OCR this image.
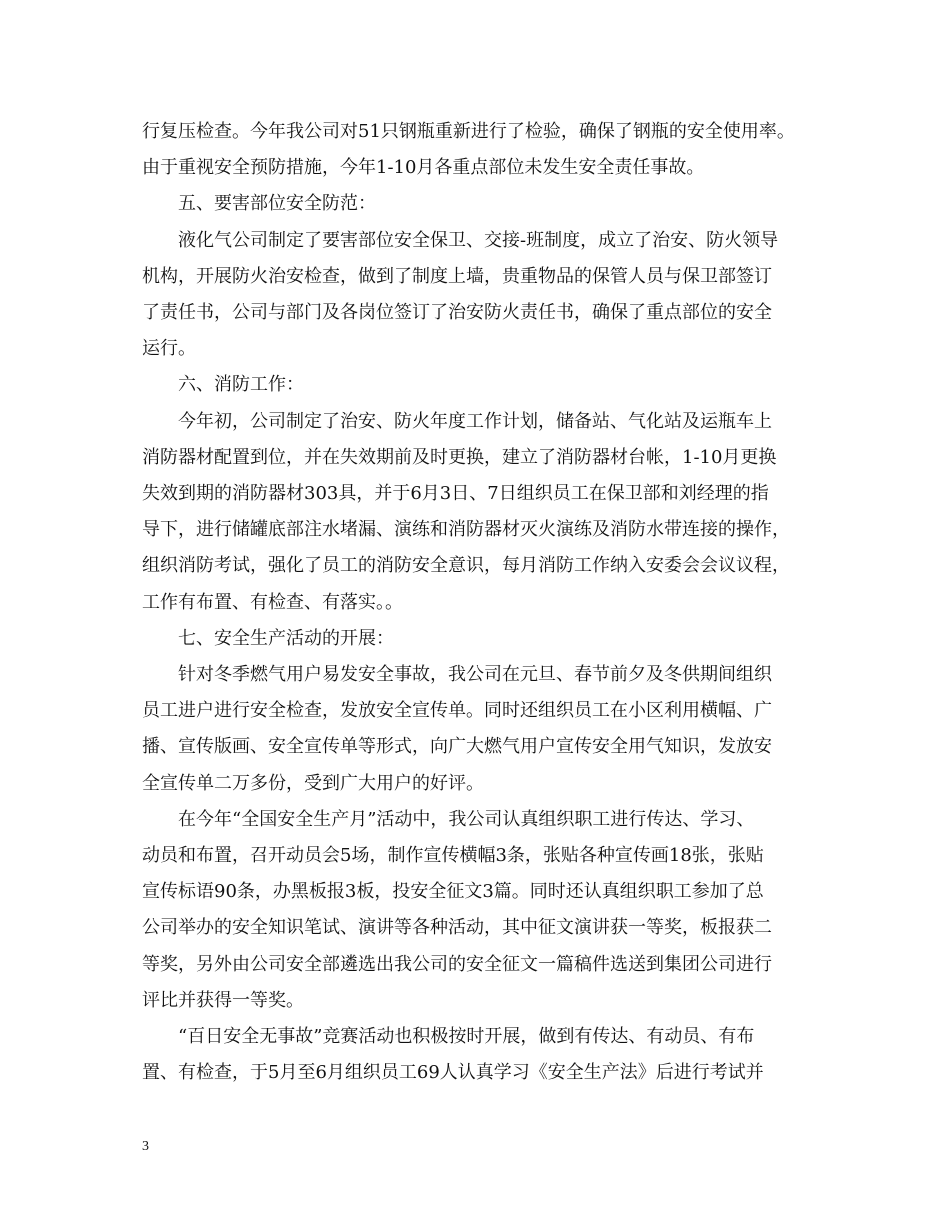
行复压检查。今年我公司对51只钢瓶重新进行了检验，确保了钢瓶的安全使用率。
由于重视安全预防措施，今年1-10月各重点部位未发生安全责任事故。
五、要害部位安全防范：
液化气公司制定了要害部位安全保卫、交接-班制度，成立了治安、防火领导
机构，开展防火治安检查，做到了制度上墙，贵重物品的保管人员与保卫部签订
了责任书，公司与部门及各岗位签订了治安防火责任书，确保了重点部位的安全
运行。
六、消防工作：
今年初，公司制定了治安、防火年度工作计划，储备站、气化站及运瓶车上
消防器材配置到位，并在失效期前及时更换，建立了消防器材台帐，1-10月更换
失效到期的消防器材303具，并于6月3日、7日组织员工在保卫部和刘经理的指
导下，进行储罐底部注水堵漏、演练和消防器材灭火演练及消防水带连接的操作，
组织消防考试，强化了员工的消防安全意识，每月消防工作纳入安委会会议议程，
工作有布置、有检查、有落实。。
七、安全生产活动的开展：
针对冬季燃气用户易发安全事故，我公司在元旦、春节前夕及冬供期间组织
员工进户进行安全检查，发放安全宣传单。同时还组织员工在小区利用横幅、广
播、宣传版画、安全宣传单等形式，向广大燃气用户宣传安全用气知识，发放安
全宣传单二万多份，受到广大用户的好评。
在今年“全国安全生产月”活动中，我公司认真组织职工进行传达、学习、
动员和布置，召开动员会5场，制作宣传横幅3条，张贴各种宣传画18张，张贴
宣传标语90条，办黑板报3板，投安全征文3篇。同时还认真组织职工参加了总
公司举办的安全知识笔试、演讲等各种活动，其中征文演讲获一等奖，板报获二
等奖，另外由公司安全部遴选出我公司的安全征文一篇稿件选送到集团公司进行
评比并获得一等奖。
“百日安全无事故”竞赛活动也积极按时开展，做到有传达、有动员、有布
置、有检查，于5月至6月组织员工69人认真学习《安全生产法》后进行考试并
3
